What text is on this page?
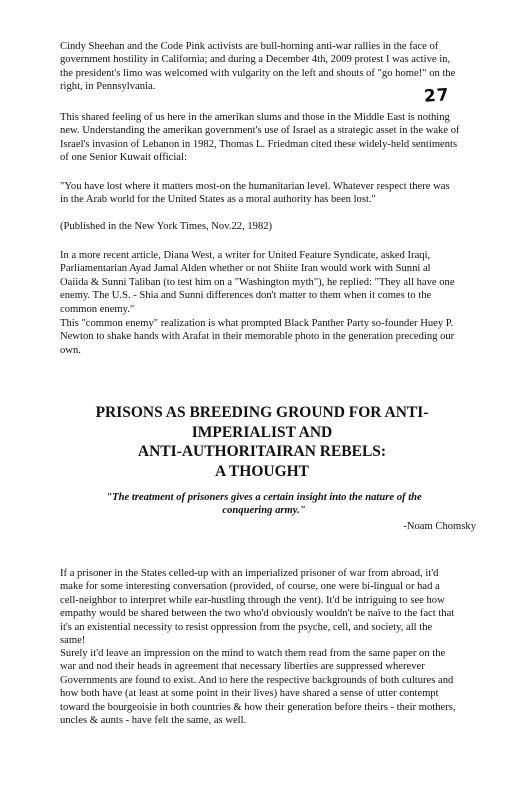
Cindy Sheehan and the Code Pink activists are bull-horning anti-war rallies in the face of government hostility in California; and during a December 4th, 2009 protest I was active in, the president's limo was welcomed with vulgarity on the left and shouts of "go home!" on the right, in Pennsylvania.	27

This shared feeling of us here in the amerikan slums and those in the Middle East is nothing new. Understanding the amerikan government's use of Israel as a strategic asset in the wake of Israel's invasion of Lebanon in 1982, Thomas L. Friedman cited these widely-held sentiments of one Senior Kuwait official:

"You have lost where it matters most-on the humanitarian level. Whatever respect there was in the Arab world for the United States as a moral authority has been lost."

(Published in the New York Times, Nov.22, 1982)

In a more recent article, Diana West, a writer for United Feature Syndicate, asked Iraqi, Parliamentarian Ayad Jamal Alden whether or not Shiite Iran would work with Sunni al Oaiida & Sunni Taliban (to test him on a "Washington myth"), he replied: "They all have one enemy. The U.S. - Shia and Sunni differences don't matter to them when it comes to the common enemy."

This "common enemy" realization is what prompted Black Panther Party so-founder Huey P. Newton to shake hands with Arafat in their memorable photo in the generation preceding our own.

PRISONS AS BREEDING GROUND FOR ANTI-
IMPERIALIST AND
ANTI-AUTHORITAIRAN REBELS:
A THOUGHT
"The treatment of prisoners gives a certain insight into the nature of the conquering army."
-Noam Chomsky

If a prisoner in the States celled-up with an imperialized prisoner of war from abroad, it'd make for some interesting conversation (provided, of course, one were bi-lingual or had a cell-neighbor to interpret while ear-hustling through the vent). It'd be intriguing to see how empathy would be shared between the two who'd obviously wouldn't be naïve to the fact that it's an existential necessity to resist oppression from the psyche, cell, and society, all the same!

Surely it'd leave an impression on the mind to watch them read from the same paper on the war and nod their heads in agreement that necessary liberties are suppressed wherever Governments are found to exist. And to here the respective backgrounds of both cultures and how both have (at least at some point in their lives) have shared a sense of utter contempt toward the bourgeoisie in both countries & how their generation before theirs - their mothers, uncles & aunts - have felt the same, as well.
